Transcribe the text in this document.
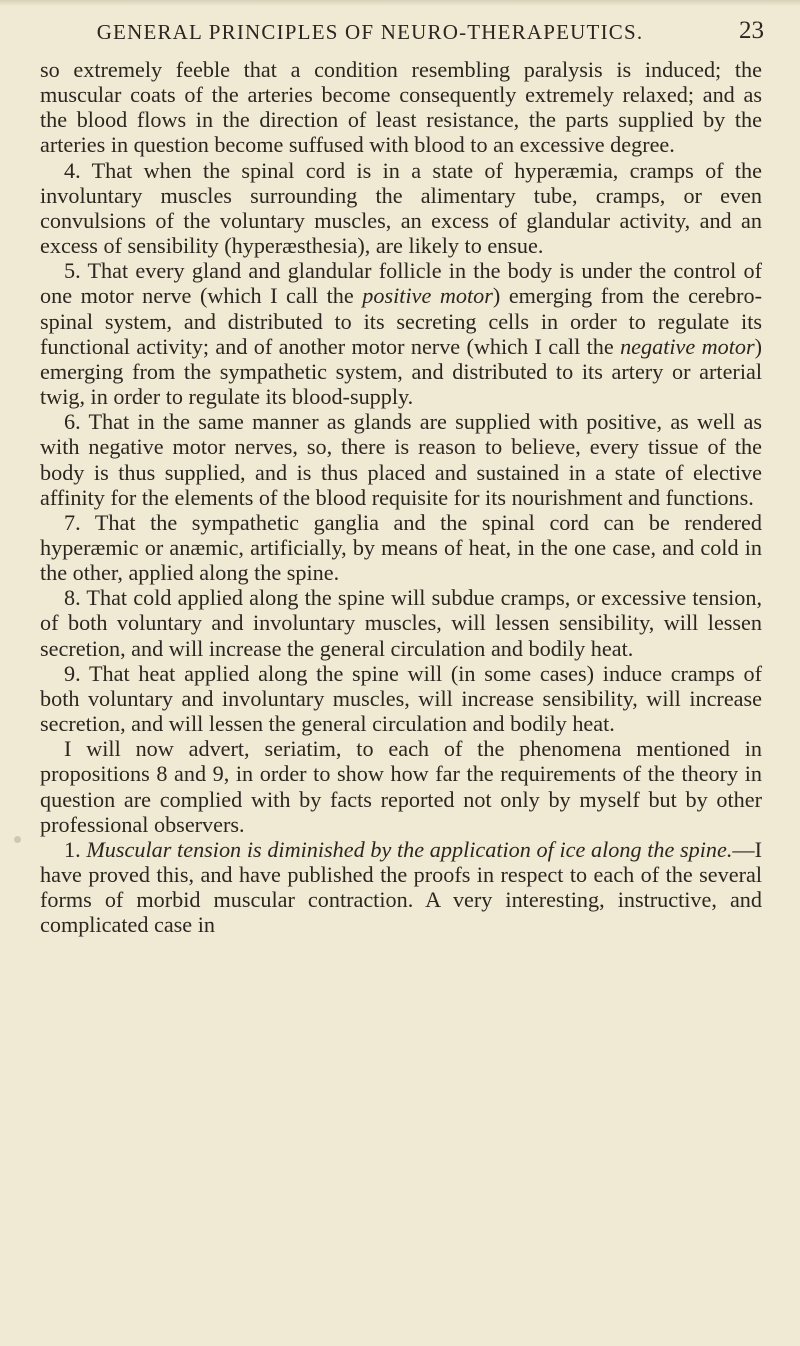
GENERAL PRINCIPLES OF NEURO-THERAPEUTICS.	23

so extremely feeble that a condition resembling paralysis is induced; the muscular coats of the arteries become consequently extremely relaxed; and as the blood flows in the direction of least resistance, the parts supplied by the arteries in question become suffused with blood to an excessive degree.

4. That when the spinal cord is in a state of hyperæmia, cramps of the involuntary muscles surrounding the alimentary tube, cramps, or even convulsions of the voluntary muscles, an excess of glandular activity, and an excess of sensibility (hyperæsthesia), are likely to ensue.

5. That every gland and glandular follicle in the body is under the control of one motor nerve (which I call the positive motor) emerging from the cerebro-spinal system, and distributed to its secreting cells in order to regulate its functional activity; and of another motor nerve (which I call the negative motor) emerging from the sympathetic system, and distributed to its artery or arterial twig, in order to regulate its blood-supply.

6. That in the same manner as glands are supplied with positive, as well as with negative motor nerves, so, there is reason to believe, every tissue of the body is thus supplied, and is thus placed and sustained in a state of elective affinity for the elements of the blood requisite for its nourishment and functions.

7. That the sympathetic ganglia and the spinal cord can be rendered hyperæmic or anæmic, artificially, by means of heat, in the one case, and cold in the other, applied along the spine.

8. That cold applied along the spine will subdue cramps, or excessive tension, of both voluntary and involuntary muscles, will lessen sensibility, will lessen secretion, and will increase the general circulation and bodily heat.

9. That heat applied along the spine will (in some cases) induce cramps of both voluntary and involuntary muscles, will increase sensibility, will increase secretion, and will lessen the general circulation and bodily heat.

I will now advert, seriatim, to each of the phenomena mentioned in propositions 8 and 9, in order to show how far the requirements of the theory in question are complied with by facts reported not only by myself but by other professional observers.

1. Muscular tension is diminished by the application of ice along the spine.—I have proved this, and have published the proofs in respect to each of the several forms of morbid muscular contraction. A very interesting, instructive, and complicated case in
